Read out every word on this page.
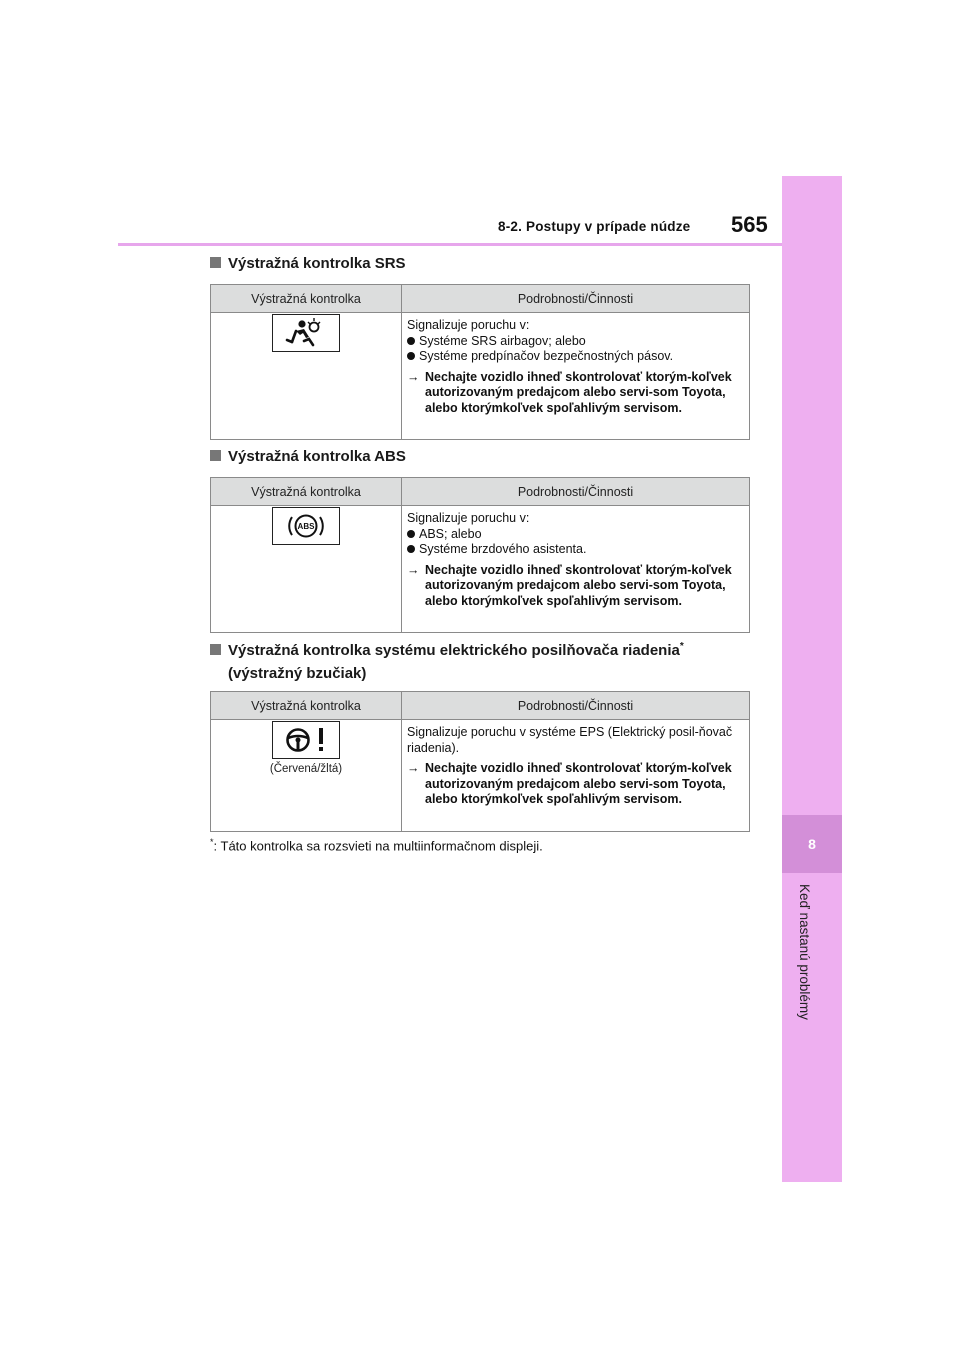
8-2. Postupy v prípade núdze 565
8
Keď nastanú problémy
Výstražná kontrolka SRS
Výstražná kontrolka	Podrobnosti/Činnosti

Signalizuje poruchu v:

Systéme SRS airbagov; alebo

Systéme predpínačov bezpečnostných pásov.

→ Nechajte vozidlo ihneď skontrolovať ktorým-koľvek autorizovaným predajcom alebo servi-som Toyota, alebo ktorýmkoľvek spoľahlivým servisom.

Výstražná kontrolka ABS
Výstražná kontrolka	Podrobnosti/Činnosti

ABS	Signalizuje poruchu v:

ABS; alebo

Systéme brzdového asistenta.

→ Nechajte vozidlo ihneď skontrolovať ktorým-koľvek autorizovaným predajcom alebo servi-som Toyota, alebo ktorýmkoľvek spoľahlivým servisom.

Výstražná kontrolka systému elektrického posilňovača riadenia*
(výstražný bzučiak)
Výstražná kontrolka	Podrobnosti/Činnosti

(Červená/žltá)	Signalizuje poruchu v systéme EPS (Elektrický posil-ňovač riadenia).

→ Nechajte vozidlo ihneď skontrolovať ktorým-koľvek autorizovaným predajcom alebo servi-som Toyota, alebo ktorýmkoľvek spoľahlivým servisom.

*: Táto kontrolka sa rozsvieti na multiinformačnom displeji.
